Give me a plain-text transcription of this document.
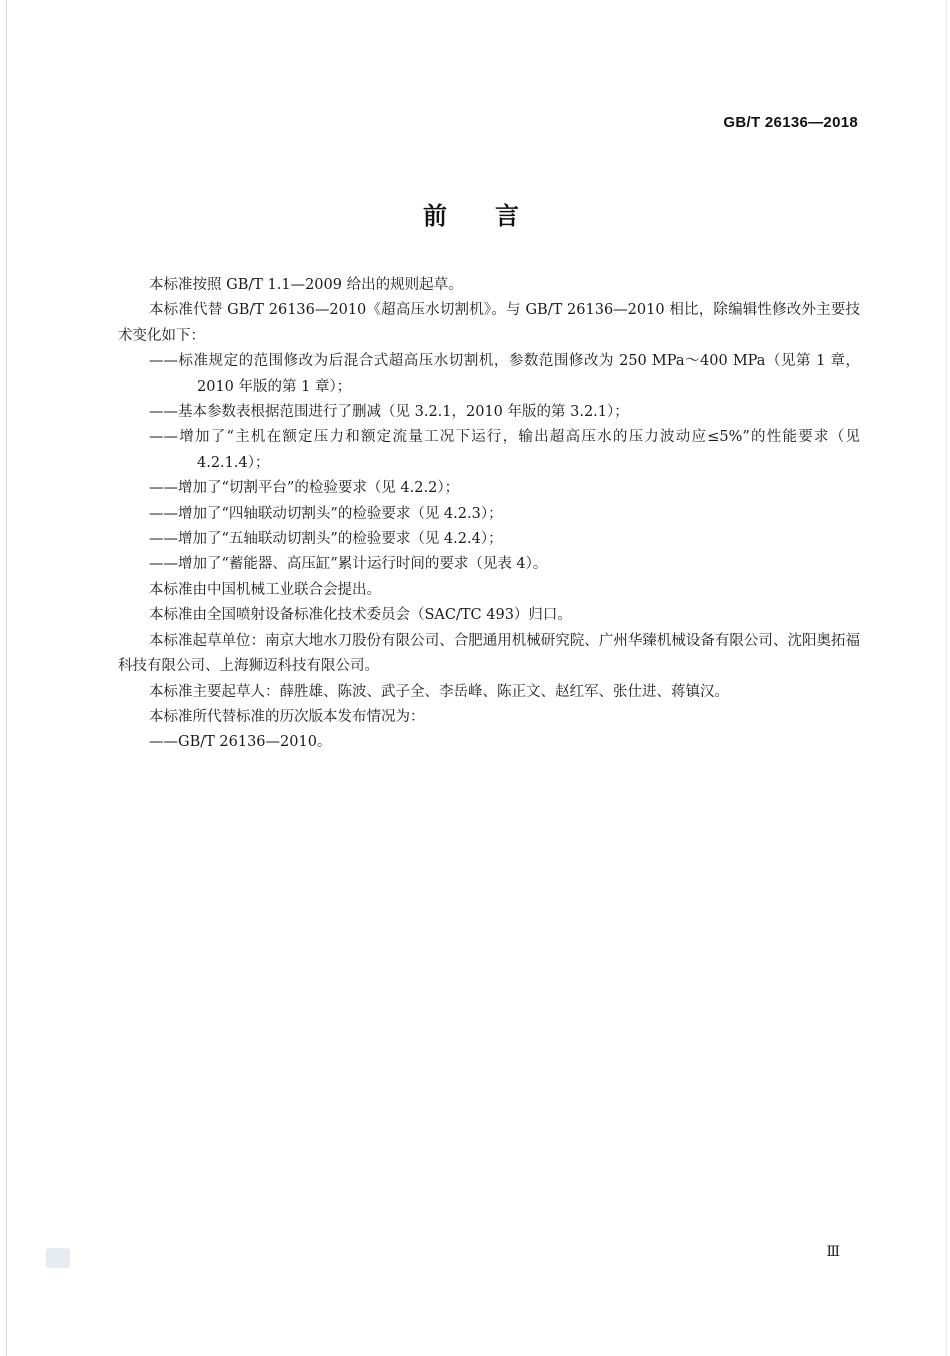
GB/T 26136—2018
前言

本标准按照 GB/T 1.1—2009 给出的规则起草。

本标准代替 GB/T 26136—2010《超高压水切割机》。与 GB/T 26136—2010 相比，除编辑性修改外主要技术变化如下：

——标准规定的范围修改为后混合式超高压水切割机，参数范围修改为 250 MPa～400 MPa（见第 1 章，2010 年版的第 1 章）；

——基本参数表根据范围进行了删减（见 3.2.1，2010 年版的第 3.2.1）；

——增加了“主机在额定压力和额定流量工况下运行，输出超高压水的压力波动应≤5%”的性能要求（见 4.2.1.4）；

——增加了“切割平台”的检验要求（见 4.2.2）；

——增加了“四轴联动切割头”的检验要求（见 4.2.3）；

——增加了“五轴联动切割头”的检验要求（见 4.2.4）；

——增加了“蓄能器、高压缸”累计运行时间的要求（见表 4）。

本标准由中国机械工业联合会提出。

本标准由全国喷射设备标准化技术委员会（SAC/TC 493）归口。

本标准起草单位：南京大地水刀股份有限公司、合肥通用机械研究院、广州华臻机械设备有限公司、沈阳奥拓福科技有限公司、上海狮迈科技有限公司。

本标准主要起草人：薛胜雄、陈波、武子全、李岳峰、陈正文、赵红军、张仕进、蒋镇汉。

本标准所代替标准的历次版本发布情况为：

——GB/T 26136—2010。

Ⅲ
